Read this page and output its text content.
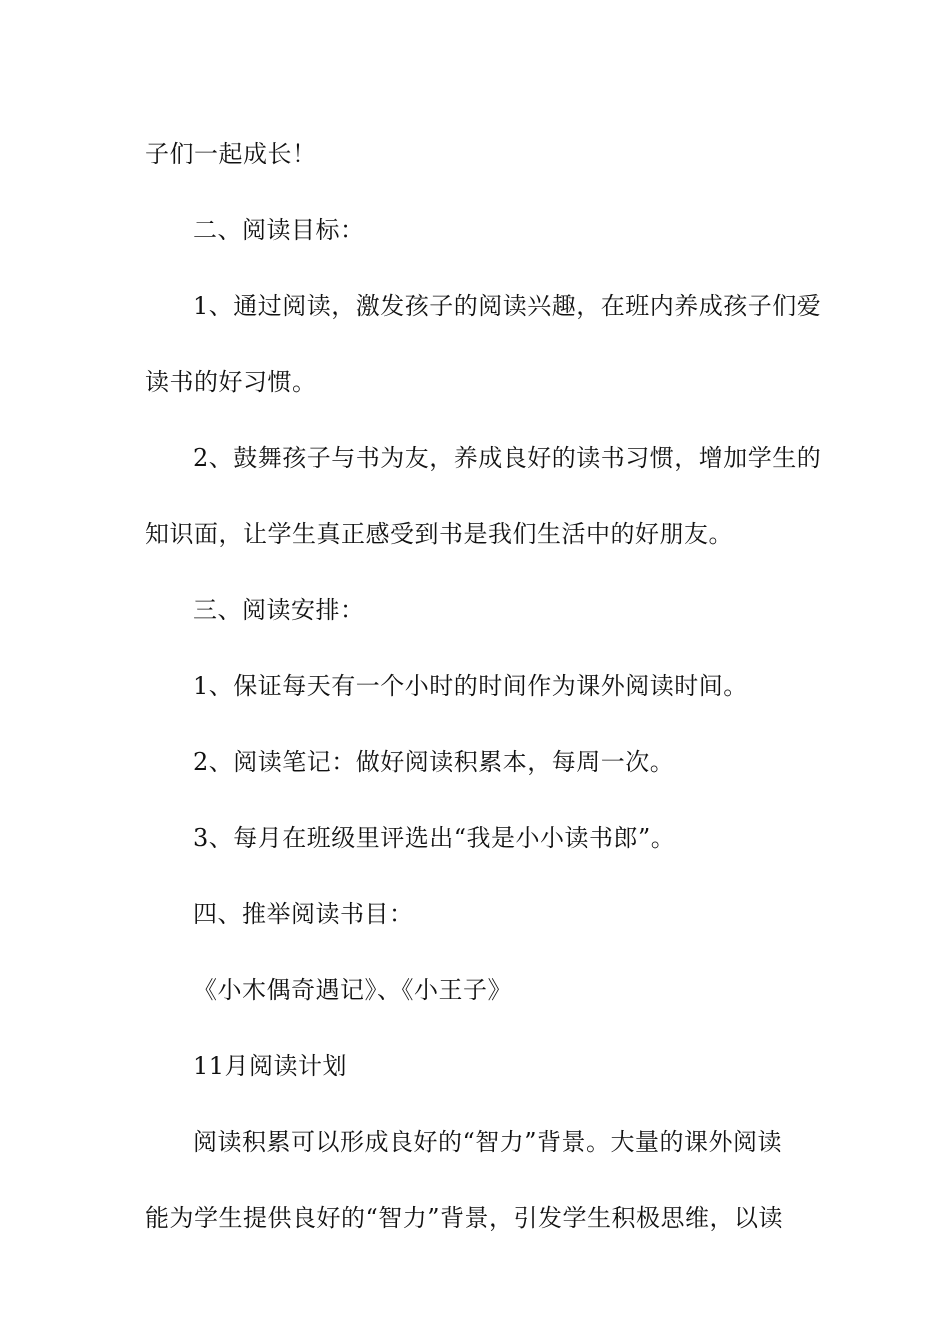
子们一起成长！
二、阅读目标：
1、通过阅读，激发孩子的阅读兴趣，在班内养成孩子们爱
读书的好习惯。
2、鼓舞孩子与书为友，养成良好的读书习惯，增加学生的
知识面，让学生真正感受到书是我们生活中的好朋友。
三、阅读安排：
1、保证每天有一个小时的时间作为课外阅读时间。
2、阅读笔记：做好阅读积累本，每周一次。
3、每月在班级里评选出“我是小小读书郎”。
四、推举阅读书目：
《小木偶奇遇记》、《小王子》
11月阅读计划
阅读积累可以形成良好的“智力”背景。大量的课外阅读
能为学生提供良好的“智力”背景，引发学生积极思维，以读
